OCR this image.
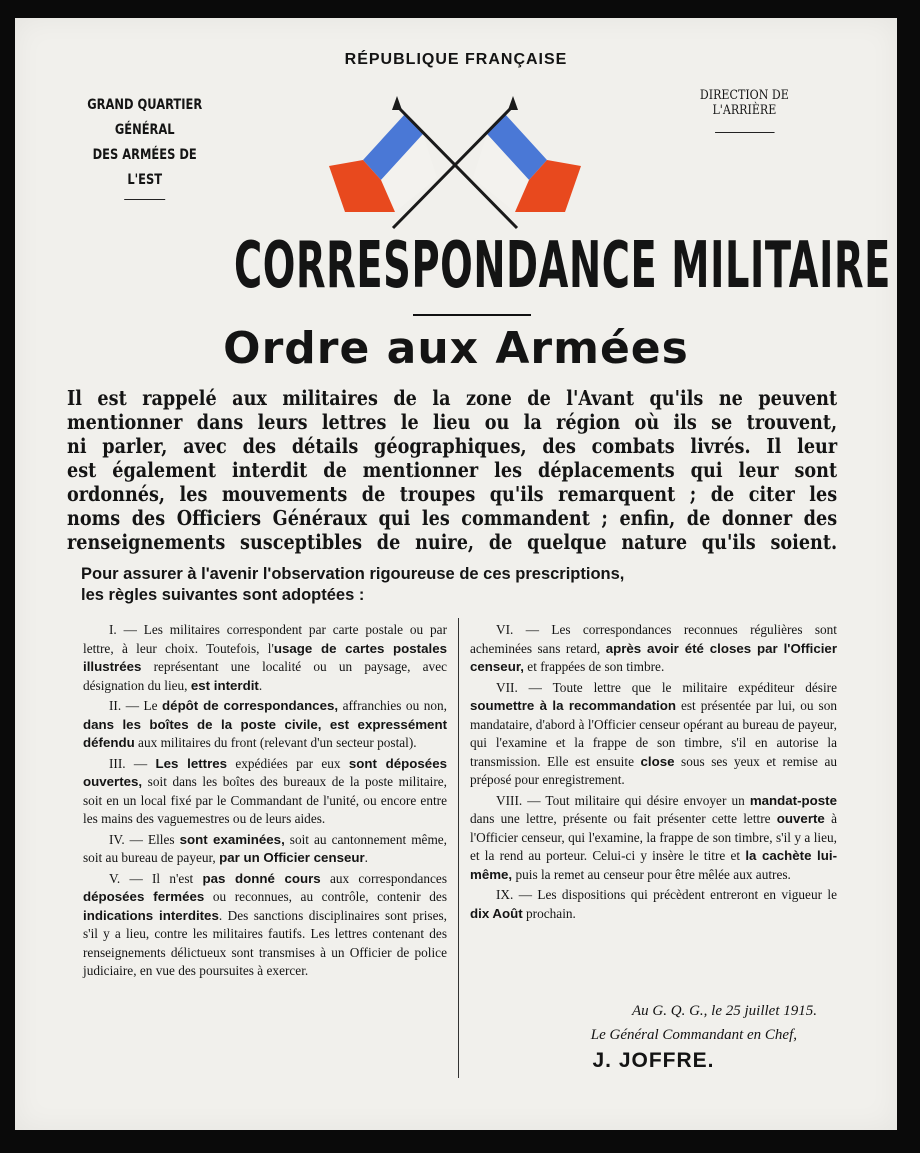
RÉPUBLIQUE FRANÇAISE
GRAND QUARTIER GÉNÉRAL
DES ARMÉES DE L'EST
DIRECTION DE L'ARRIÈRE
CORRESPONDANCE MILITAIRE
Ordre aux Armées
Il est rappelé aux militaires de la zone de l'Avant qu'ils ne peuvent
mentionner dans leurs lettres le lieu ou la région où ils se trouvent,
ni parler, avec des détails géographiques, des combats livrés. Il leur
est également interdit de mentionner les déplacements qui leur sont
ordonnés, les mouvements de troupes qu'ils remarquent ; de citer les
noms des Officiers Généraux qui les commandent ; enfin, de donner des
renseignements susceptibles de nuire, de quelque nature qu'ils soient.
Pour assurer à l'avenir l'observation rigoureuse de ces prescriptions,
les règles suivantes sont adoptées :

I. — Les militaires correspondent par carte postale ou par lettre, à leur choix. Toutefois, l'usage de cartes postales illustrées représentant une localité ou un paysage, avec désignation du lieu, est interdit.

II. — Le dépôt de correspondances, affranchies ou non, dans les boîtes de la poste civile, est expressément défendu aux militaires du front (relevant d'un secteur postal).

III. — Les lettres expédiées par eux sont déposées ouvertes, soit dans les boîtes des bureaux de la poste militaire, soit en un local fixé par le Commandant de l'unité, ou encore entre les mains des vaguemestres ou de leurs aides.

IV. — Elles sont examinées, soit au cantonnement même, soit au bureau de payeur, par un Officier censeur.

V. — Il n'est pas donné cours aux correspondances déposées fermées ou reconnues, au contrôle, contenir des indications interdites. Des sanctions disciplinaires sont prises, s'il y a lieu, contre les militaires fautifs. Les lettres contenant des renseignements délictueux sont transmises à un Officier de police judiciaire, en vue des poursuites à exercer.

VI. — Les correspondances reconnues régulières sont acheminées sans retard, après avoir été closes par l'Officier censeur, et frappées de son timbre.

VII. — Toute lettre que le militaire expéditeur désire soumettre à la recommandation est présentée par lui, ou son mandataire, d'abord à l'Officier censeur opérant au bureau de payeur, qui l'examine et la frappe de son timbre, s'il en autorise la transmission. Elle est ensuite close sous ses yeux et remise au préposé pour enregistrement.

VIII. — Tout militaire qui désire envoyer un mandat-poste dans une lettre, présente ou fait présenter cette lettre ouverte à l'Officier censeur, qui l'examine, la frappe de son timbre, s'il y a lieu, et la rend au porteur. Celui-ci y insère le titre et la cachète lui-même, puis la remet au censeur pour être mêlée aux autres.

IX. — Les dispositions qui précèdent entreront en vigueur le dix Août prochain.

Au G. Q. G., le 25 juillet 1915.
Le Général Commandant en Chef,
J. JOFFRE.
